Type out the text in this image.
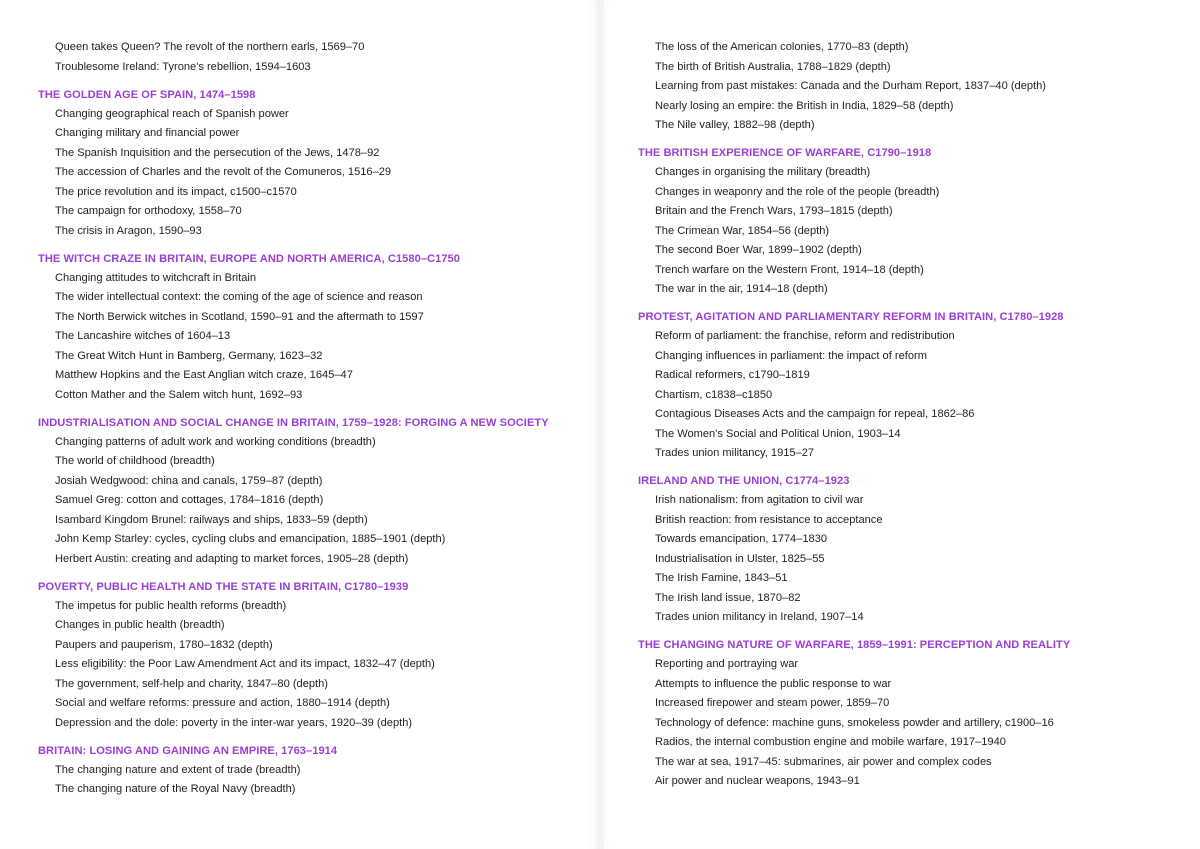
Queen takes Queen? The revolt of the northern earls, 1569–70
Troublesome Ireland: Tyrone's rebellion, 1594–1603
THE GOLDEN AGE OF SPAIN, 1474–1598
Changing geographical reach of Spanish power
Changing military and financial power
The Spanish Inquisition and the persecution of the Jews, 1478–92
The accession of Charles and the revolt of the Comuneros, 1516–29
The price revolution and its impact, c1500–c1570
The campaign for orthodoxy, 1558–70
The crisis in Aragon, 1590–93
THE WITCH CRAZE IN BRITAIN, EUROPE AND NORTH AMERICA, C1580–C1750
Changing attitudes to witchcraft in Britain
The wider intellectual context: the coming of the age of science and reason
The North Berwick witches in Scotland, 1590–91 and the aftermath to 1597
The Lancashire witches of 1604–13
The Great Witch Hunt in Bamberg, Germany, 1623–32
Matthew Hopkins and the East Anglian witch craze, 1645–47
Cotton Mather and the Salem witch hunt, 1692–93
INDUSTRIALISATION AND SOCIAL CHANGE IN BRITAIN, 1759–1928: FORGING A NEW SOCIETY
Changing patterns of adult work and working conditions (breadth)
The world of childhood (breadth)
Josiah Wedgwood: china and canals, 1759–87 (depth)
Samuel Greg: cotton and cottages, 1784–1816 (depth)
Isambard Kingdom Brunel: railways and ships, 1833–59 (depth)
John Kemp Starley: cycles, cycling clubs and emancipation, 1885–1901 (depth)
Herbert Austin: creating and adapting to market forces, 1905–28 (depth)
POVERTY, PUBLIC HEALTH AND THE STATE IN BRITAIN, C1780–1939
The impetus for public health reforms (breadth)
Changes in public health (breadth)
Paupers and pauperism, 1780–1832 (depth)
Less eligibility: the Poor Law Amendment Act and its impact, 1832–47 (depth)
The government, self-help and charity, 1847–80 (depth)
Social and welfare reforms: pressure and action, 1880–1914 (depth)
Depression and the dole: poverty in the inter-war years, 1920–39 (depth)
BRITAIN: LOSING AND GAINING AN EMPIRE, 1763–1914
The changing nature and extent of trade (breadth)
The changing nature of the Royal Navy (breadth)
The loss of the American colonies, 1770–83 (depth)
The birth of British Australia, 1788–1829 (depth)
Learning from past mistakes: Canada and the Durham Report, 1837–40 (depth)
Nearly losing an empire: the British in India, 1829–58 (depth)
The Nile valley, 1882–98 (depth)
THE BRITISH EXPERIENCE OF WARFARE, C1790–1918
Changes in organising the military (breadth)
Changes in weaponry and the role of the people (breadth)
Britain and the French Wars, 1793–1815 (depth)
The Crimean War, 1854–56 (depth)
The second Boer War, 1899–1902 (depth)
Trench warfare on the Western Front, 1914–18 (depth)
The war in the air, 1914–18 (depth)
PROTEST, AGITATION AND PARLIAMENTARY REFORM IN BRITAIN, C1780–1928
Reform of parliament: the franchise, reform and redistribution
Changing influences in parliament: the impact of reform
Radical reformers, c1790–1819
Chartism, c1838–c1850
Contagious Diseases Acts and the campaign for repeal, 1862–86
The Women's Social and Political Union, 1903–14
Trades union militancy, 1915–27
IRELAND AND THE UNION, C1774–1923
Irish nationalism: from agitation to civil war
British reaction: from resistance to acceptance
Towards emancipation, 1774–1830
Industrialisation in Ulster, 1825–55
The Irish Famine, 1843–51
The Irish land issue, 1870–82
Trades union militancy in Ireland, 1907–14
THE CHANGING NATURE OF WARFARE, 1859–1991: PERCEPTION AND REALITY
Reporting and portraying war
Attempts to influence the public response to war
Increased firepower and steam power, 1859–70
Technology of defence: machine guns, smokeless powder and artillery, c1900–16
Radios, the internal combustion engine and mobile warfare, 1917–1940
The war at sea, 1917–45: submarines, air power and complex codes
Air power and nuclear weapons, 1943–91
